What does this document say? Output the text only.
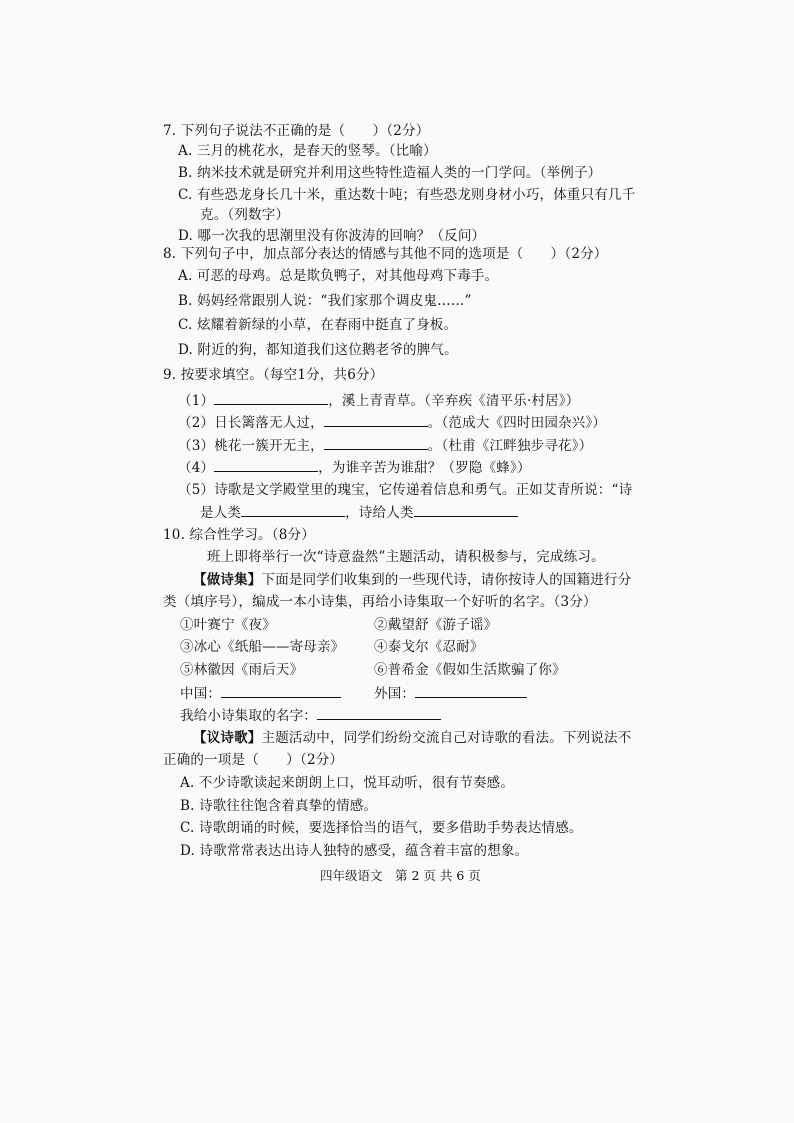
7. 下列句子说法不正确的是（　　）（2分）
A. 三月的桃花水，是春天的竖琴。（比喻）
B. 纳米技术就是研究并利用这些特性造福人类的一门学问。（举例子）
C. 有些恐龙身长几十米，重达数十吨；有些恐龙则身材小巧，体重只有几千
克。（列数字）
D. 哪一次我的思潮里没有你波涛的回响？（反问）
8. 下列句子中，加点部分表达的情感与其他不同的选项是（　　）（2分）
A. 可恶的母鸡。总是欺负鸭子，对其他母鸡下毒手。
B. 妈妈经常跟别人说：“我们家那个调皮鬼……”
C. 炫耀着新绿的小草，在春雨中挺直了身板。
D. 附近的狗，都知道我们这位鹅老爷的脾气。
9. 按要求填空。（每空1分，共6分）
（1）	，溪上青青草。（辛弃疾《清平乐·村居》）
（2）日长篱落无人过，	。（范成大《四时田园杂兴》）
（3）桃花一簇开无主，	。（杜甫《江畔独步寻花》）
（4）	，为谁辛苦为谁甜？（罗隐《蜂》）
（5）诗歌是文学殿堂里的瑰宝，它传递着信息和勇气。正如艾青所说：“诗
是人类	，诗给人类
10. 综合性学习。（8分）
班上即将举行一次“诗意盎然”主题活动，请积极参与，完成练习。
【做诗集】下面是同学们收集到的一些现代诗，请你按诗人的国籍进行分
类（填序号），编成一本小诗集，再给小诗集取一个好听的名字。（3分）
①叶赛宁《夜》	②戴望舒《游子谣》
③冰心《纸船——寄母亲》 ④泰戈尔《忍耐》
⑤林徽因《雨后天》	⑥普希金《假如生活欺骗了你》
中国：	外国：
我给小诗集取的名字：
【议诗歌】主题活动中，同学们纷纷交流自己对诗歌的看法。下列说法不
正确的一项是（　　）（2分）
A. 不少诗歌读起来朗朗上口，悦耳动听，很有节奏感。
B. 诗歌往往饱含着真挚的情感。
C. 诗歌朗诵的时候，要选择恰当的语气，要多借助手势表达情感。
D. 诗歌常常表达出诗人独特的感受，蕴含着丰富的想象。
四年级语文　第 2 页 共 6 页
